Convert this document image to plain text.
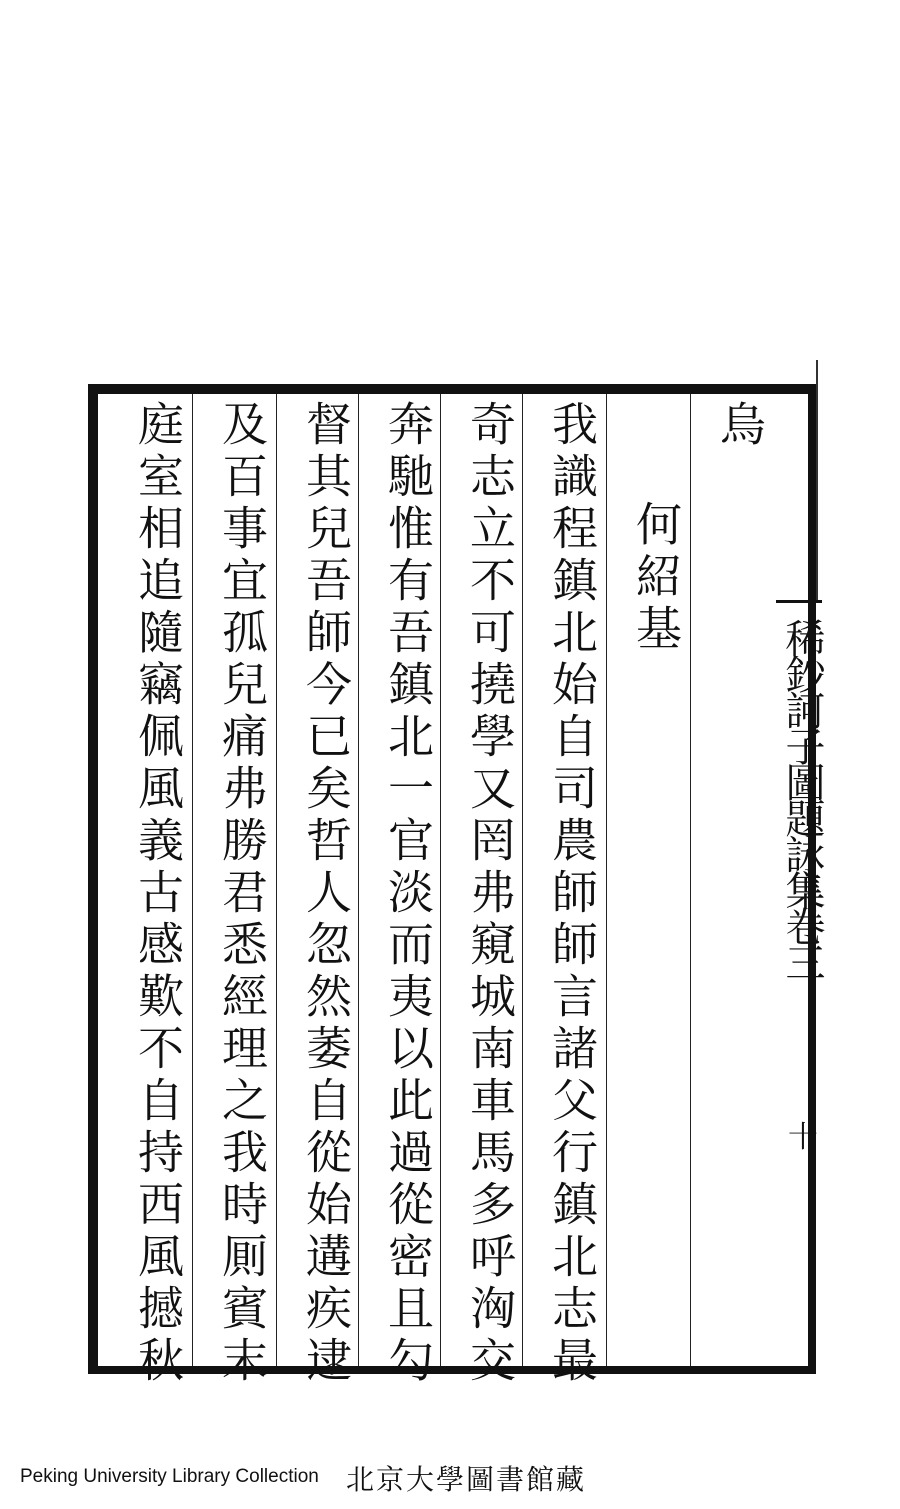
烏
何紹基
我識程鎮北始自司農師師言諸父行鎮北志最
奇志立不可撓學又罔弗窺城南車馬多呼洶交
奔馳惟有吾鎮北一官淡而夷以此過從密且勾
督其兒吾師今已矣哲人忽然萎自從始遘疾逮
及百事宜孤兒痛弗勝君悉經理之我時厠賓末
庭室相追隨竊佩風義古感歎不自持西風撼秋	稀鈔訶子圖題詠集卷三
十
Peking University Library Collection 北京大學圖書館藏
